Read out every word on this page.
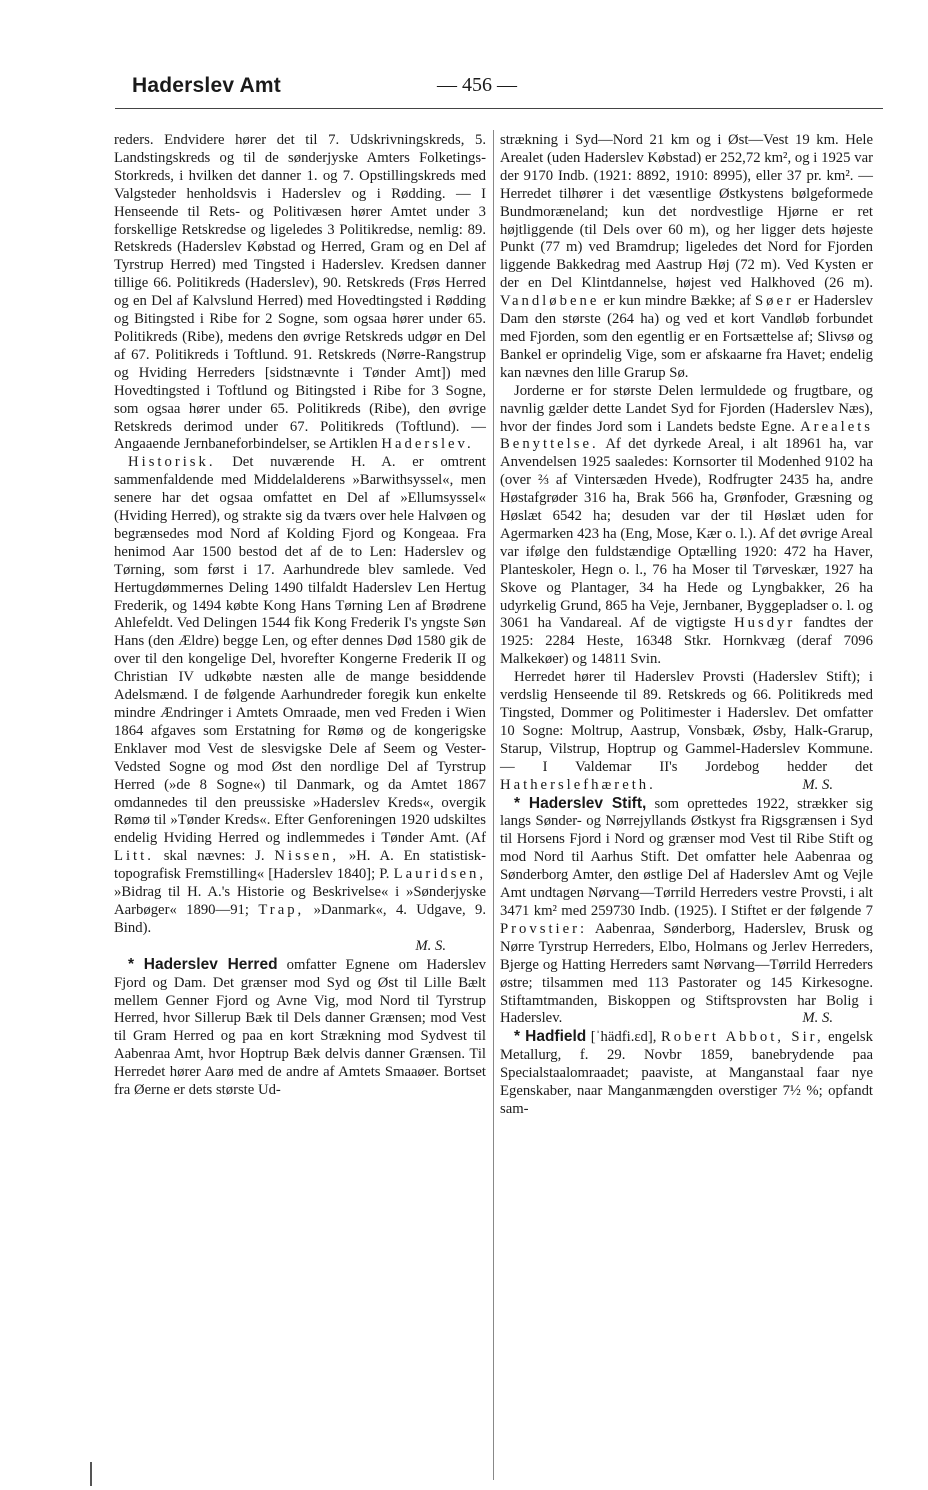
Haderslev Amt	— 456 —

reders. Endvidere hører det til 7. Udskrivningskreds, 5. Landstingskreds og til de sønderjyske Amters Folketings-Storkreds, i hvilken det danner 1. og 7. Opstillingskreds med Valgsteder henholdsvis i Haderslev og i Rødding. — I Henseende til Rets- og Politivæsen hører Amtet under 3 forskellige Retskredse og ligeledes 3 Politikredse, nemlig: 89. Retskreds (Haderslev Købstad og Herred, Gram og en Del af Tyrstrup Herred) med Tingsted i Haderslev. Kredsen danner tillige 66. Politikreds (Haderslev), 90. Retskreds (Frøs Herred og en Del af Kalvslund Herred) med Hovedtingsted i Rødding og Bitingsted i Ribe for 2 Sogne, som ogsaa hører under 65. Politikreds (Ribe), medens den øvrige Retskreds udgør en Del af 67. Politikreds i Toftlund. 91. Retskreds (Nørre-Rangstrup og Hviding Herreders [sidstnævnte i Tønder Amt]) med Hovedtingsted i Toftlund og Bitingsted i Ribe for 3 Sogne, som ogsaa hører under 65. Politikreds (Ribe), den øvrige Retskreds derimod under 67. Politikreds (Toftlund). — Angaaende Jernbaneforbindelser, se Artiklen Haderslev.

Historisk. Det nuværende H. A. er omtrent sammenfaldende med Middelalderens »Barwithsyssel«, men senere har det ogsaa omfattet en Del af »Ellumsyssel« (Hviding Herred), og strakte sig da tværs over hele Halvøen og begrænsedes mod Nord af Kolding Fjord og Kongeaa. Fra henimod Aar 1500 bestod det af de to Len: Haderslev og Tørning, som først i 17. Aarhundrede blev samlede. Ved Hertugdømmernes Deling 1490 tilfaldt Haderslev Len Hertug Frederik, og 1494 købte Kong Hans Tørning Len af Brødrene Ahlefeldt. Ved Delingen 1544 fik Kong Frederik I's yngste Søn Hans (den Ældre) begge Len, og efter dennes Død 1580 gik de over til den kongelige Del, hvorefter Kongerne Frederik II og Christian IV udkøbte næsten alle de mange besiddende Adelsmænd. I de følgende Aarhundreder foregik kun enkelte mindre Ændringer i Amtets Omraade, men ved Freden i Wien 1864 afgaves som Erstatning for Rømø og de kongerigske Enklaver mod Vest de slesvigske Dele af Seem og Vester-Vedsted Sogne og mod Øst den nordlige Del af Tyrstrup Herred (»de 8 Sogne«) til Danmark, og da Amtet 1867 omdannedes til den preussiske »Haderslev Kreds«, overgik Rømø til »Tønder Kreds«. Efter Genforeningen 1920 udskiltes endelig Hviding Herred og indlemmedes i Tønder Amt. (Af Litt. skal nævnes: J. Nissen, »H. A. En statistisk-topografisk Fremstilling« [Haderslev 1840]; P. Lauridsen, »Bidrag til H. A.'s Historie og Beskrivelse« i »Sønderjyske Aarbøger« 1890—91; Trap, »Danmark«, 4. Udgave, 9. Bind).
M. S.

* Haderslev Herred omfatter Egnene om Haderslev Fjord og Dam. Det grænser mod Syd og Øst til Lille Bælt mellem Genner Fjord og Avne Vig, mod Nord til Tyrstrup Herred, hvor Sillerup Bæk til Dels danner Grænsen; mod Vest til Gram Herred og paa en kort Strækning mod Sydvest til Aabenraa Amt, hvor Hoptrup Bæk delvis danner Grænsen. Til Herredet hører Aarø med de andre af Amtets Smaaøer. Bortset fra Øerne er dets største Ud-

strækning i Syd—Nord 21 km og i Øst—Vest 19 km. Hele Arealet (uden Haderslev Købstad) er 252,72 km², og i 1925 var der 9170 Indb. (1921: 8892, 1910: 8995), eller 37 pr. km². — Herredet tilhører i det væsentlige Østkystens bølgeformede Bundmoræneland; kun det nordvestlige Hjørne er ret højtliggende (til Dels over 60 m), og her ligger dets højeste Punkt (77 m) ved Bramdrup; ligeledes det Nord for Fjorden liggende Bakkedrag med Aastrup Høj (72 m). Ved Kysten er der en Del Klintdannelse, højest ved Halkhoved (26 m). Vandløbene er kun mindre Bække; af Søer er Haderslev Dam den største (264 ha) og ved et kort Vandløb forbundet med Fjorden, som den egentlig er en Fortsættelse af; Slivsø og Bankel er oprindelig Vige, som er afskaarne fra Havet; endelig kan nævnes den lille Grarup Sø.

Jorderne er for største Delen lermuldede og frugtbare, og navnlig gælder dette Landet Syd for Fjorden (Haderslev Næs), hvor der findes Jord som i Landets bedste Egne. Arealets Benyttelse. Af det dyrkede Areal, i alt 18961 ha, var Anvendelsen 1925 saaledes: Kornsorter til Modenhed 9102 ha (over ⅔ af Vintersæden Hvede), Rodfrugter 2435 ha, andre Høstafgrøder 316 ha, Brak 566 ha, Grønfoder, Græsning og Høslæt 6542 ha; desuden var der til Høslæt uden for Agermarken 423 ha (Eng, Mose, Kær o. l.). Af det øvrige Areal var ifølge den fuldstændige Optælling 1920: 472 ha Haver, Planteskoler, Hegn o. l., 76 ha Moser til Tørveskær, 1927 ha Skove og Plantager, 34 ha Hede og Lyngbakker, 26 ha udyrkelig Grund, 865 ha Veje, Jernbaner, Byggepladser o. l. og 3061 ha Vandareal. Af de vigtigste Husdyr fandtes der 1925: 2284 Heste, 16348 Stkr. Hornkvæg (deraf 7096 Malkekøer) og 14811 Svin.

Herredet hører til Haderslev Provsti (Haderslev Stift); i verdslig Henseende til 89. Retskreds og 66. Politikreds med Tingsted, Dommer og Politimester i Haderslev. Det omfatter 10 Sogne: Moltrup, Aastrup, Vonsbæk, Øsby, Halk-Grarup, Starup, Vilstrup, Hoptrup og Gammel-Haderslev Kommune. — I Valdemar II's Jordebog hedder det Hatherslefhæreth.	M. S.

* Haderslev Stift, som oprettedes 1922, strækker sig langs Sønder- og Nørrejyllands Østkyst fra Rigsgrænsen i Syd til Horsens Fjord i Nord og grænser mod Vest til Ribe Stift og mod Nord til Aarhus Stift. Det omfatter hele Aabenraa og Sønderborg Amter, den østlige Del af Haderslev Amt og Vejle Amt undtagen Nørvang—Tørrild Herreders vestre Provsti, i alt 3471 km² med 259730 Indb. (1925). I Stiftet er der følgende 7 Provstier: Aabenraa, Sønderborg, Haderslev, Brusk og Nørre Tyrstrup Herreders, Elbo, Holmans og Jerlev Herreders, Bjerge og Hatting Herreders samt Nørvang—Tørrild Herreders østre; tilsammen med 113 Pastorater og 145 Kirkesogne. Stiftamtmanden, Biskoppen og Stiftsprovsten har Bolig i Haderslev.	M. S.

* Hadfield [ˈhädfi.ɛd], Robert Abbot, Sir, engelsk Metallurg, f. 29. Novbr 1859, banebrydende paa Specialstaalomraadet; paaviste, at Manganstaal faar nye Egenskaber, naar Manganmængden overstiger 7½ %; opfandt sam-
